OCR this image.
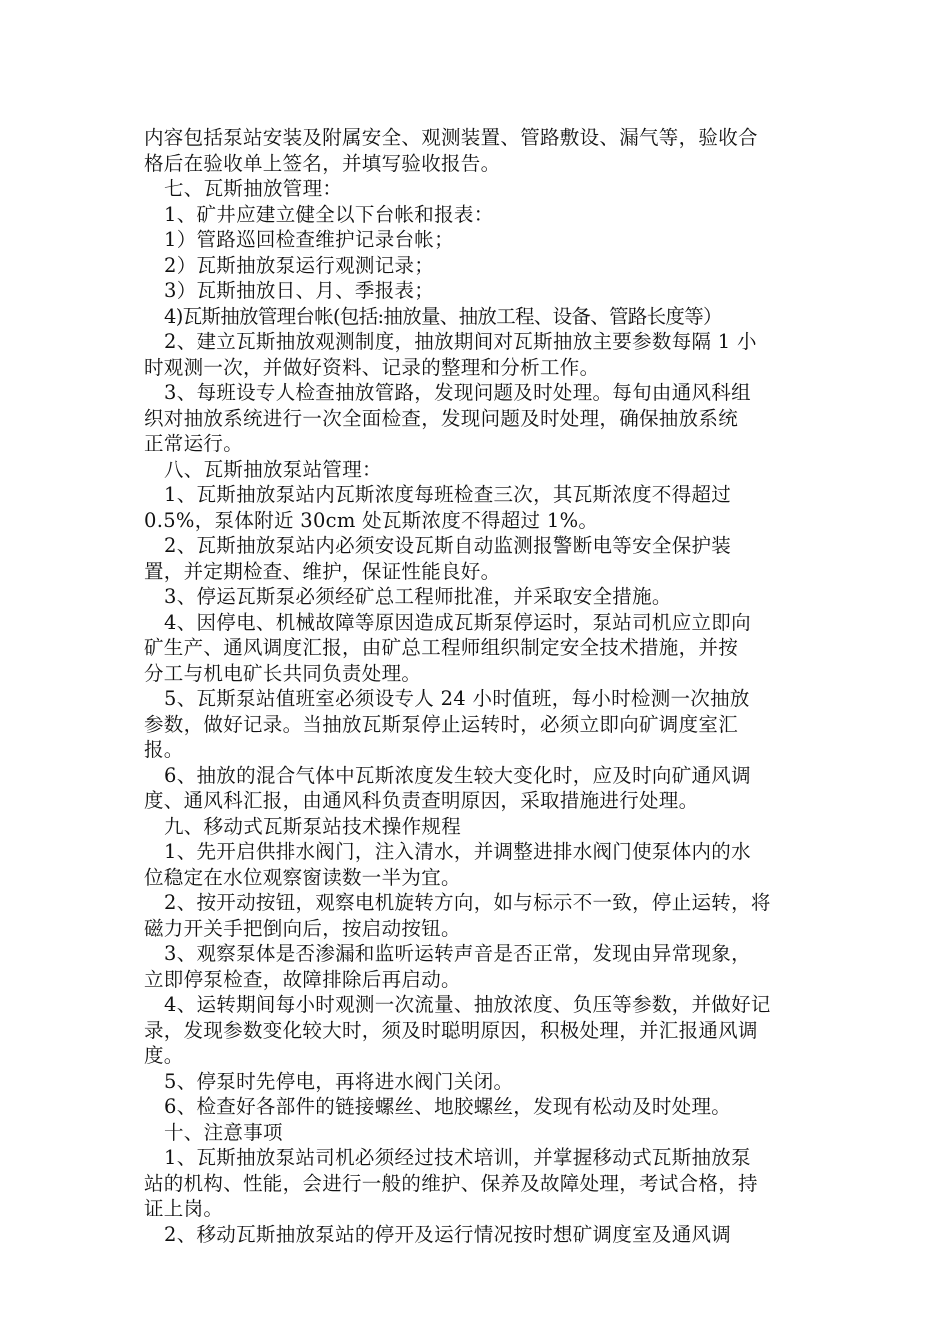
内容包括泵站安装及附属安全、观测装置、管路敷设、漏气等，验收合
格后在验收单上签名，并填写验收报告。
七、瓦斯抽放管理：
1、矿井应建立健全以下台帐和报表：
1）管路巡回检查维护记录台帐；
2）瓦斯抽放泵运行观测记录；
3）瓦斯抽放日、月、季报表；
4)瓦斯抽放管理台帐(包括:抽放量、抽放工程、设备、管路长度等）
2、建立瓦斯抽放观测制度，抽放期间对瓦斯抽放主要参数每隔 1 小
时观测一次，并做好资料、记录的整理和分析工作。
3、每班设专人检查抽放管路，发现问题及时处理。每旬由通风科组
织对抽放系统进行一次全面检查，发现问题及时处理，确保抽放系统
正常运行。
八、瓦斯抽放泵站管理：
1、瓦斯抽放泵站内瓦斯浓度每班检查三次，其瓦斯浓度不得超过
0.5%，泵体附近 30cm 处瓦斯浓度不得超过 1%。
2、瓦斯抽放泵站内必须安设瓦斯自动监测报警断电等安全保护装
置，并定期检查、维护，保证性能良好。
3、停运瓦斯泵必须经矿总工程师批准，并采取安全措施。
4、因停电、机械故障等原因造成瓦斯泵停运时，泵站司机应立即向
矿生产、通风调度汇报，由矿总工程师组织制定安全技术措施，并按
分工与机电矿长共同负责处理。
5、瓦斯泵站值班室必须设专人 24 小时值班，每小时检测一次抽放
参数，做好记录。当抽放瓦斯泵停止运转时，必须立即向矿调度室汇
报。
6、抽放的混合气体中瓦斯浓度发生较大变化时，应及时向矿通风调
度、通风科汇报，由通风科负责查明原因，采取措施进行处理。
九、移动式瓦斯泵站技术操作规程
1、先开启供排水阀门，注入清水，并调整进排水阀门使泵体内的水
位稳定在水位观察窗读数一半为宜。
2、按开动按钮，观察电机旋转方向，如与标示不一致，停止运转，将
磁力开关手把倒向后，按启动按钮。
3、观察泵体是否渗漏和监听运转声音是否正常，发现由异常现象，
立即停泵检查，故障排除后再启动。
4、运转期间每小时观测一次流量、抽放浓度、负压等参数，并做好记
录，发现参数变化较大时，须及时聪明原因，积极处理，并汇报通风调
度。
5、停泵时先停电，再将进水阀门关闭。
6、检查好各部件的链接螺丝、地胶螺丝，发现有松动及时处理。
十、注意事项
1、瓦斯抽放泵站司机必须经过技术培训，并掌握移动式瓦斯抽放泵
站的机构、性能，会进行一般的维护、保养及故障处理，考试合格，持
证上岗。
2、移动瓦斯抽放泵站的停开及运行情况按时想矿调度室及通风调
